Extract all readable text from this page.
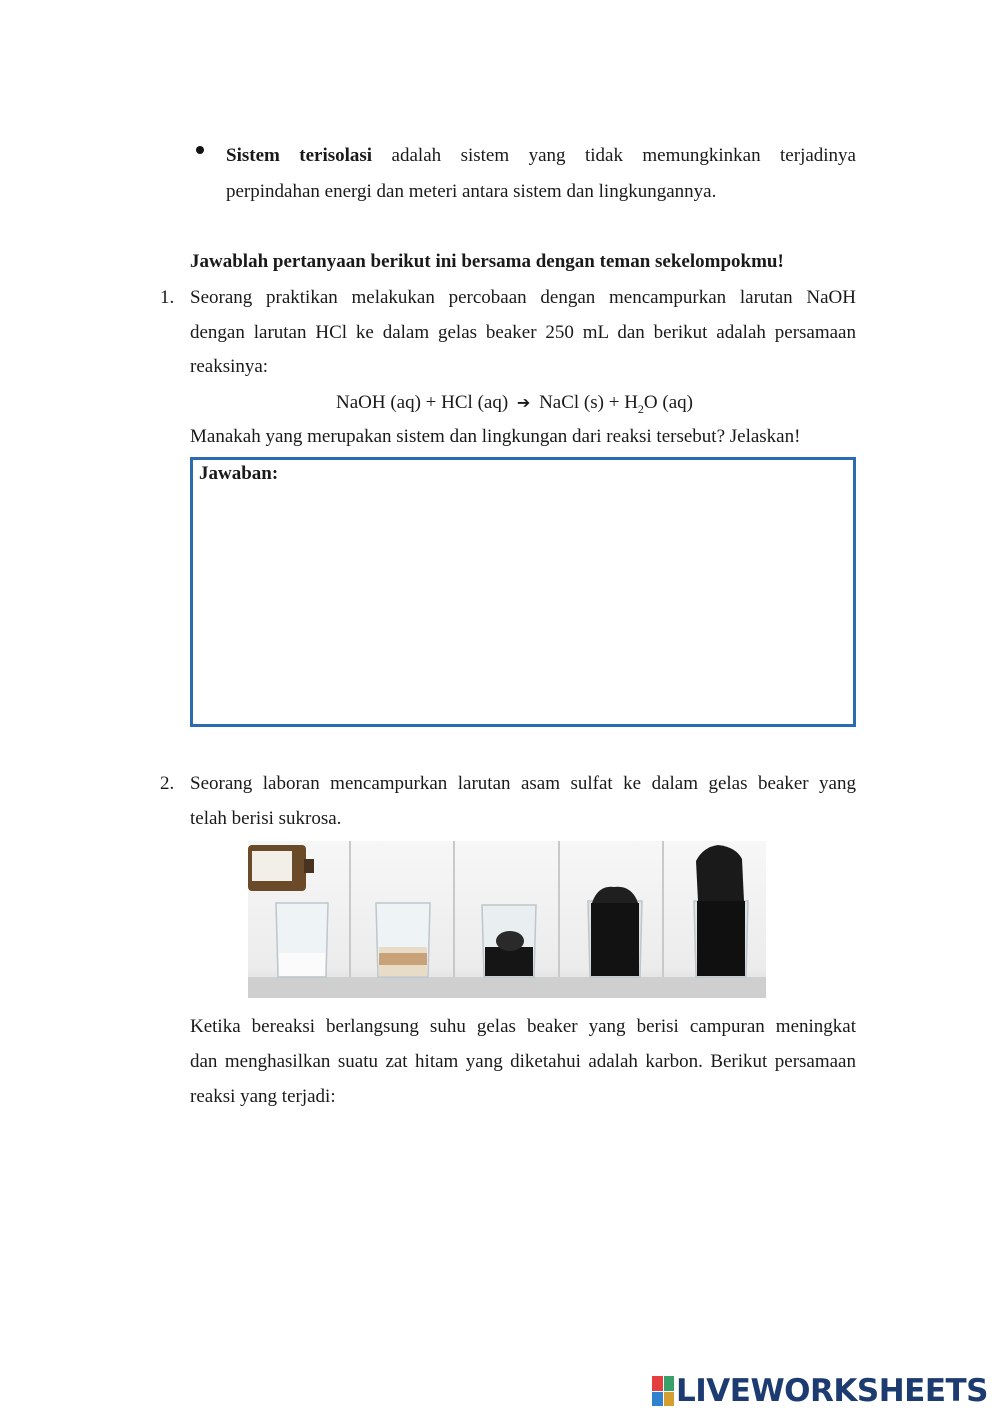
Sistem terisolasi adalah sistem yang tidak memungkinkan terjadinya
perpindahan energi dan meteri antara sistem dan lingkungannya.
Jawablah pertanyaan berikut ini bersama dengan teman sekelompokmu!
1. Seorang praktikan melakukan percobaan dengan mencampurkan larutan NaOH
dengan larutan HCl ke dalam gelas beaker 250 mL dan berikut adalah persamaan
reaksinya:
NaOH (aq) + HCl (aq) ➔ NaCl $(s) + H_2O$ (aq)
Manakah yang merupakan sistem dan lingkungan dari reaksi tersebut? Jelaskan!
Jawaban:
2. Seorang laboran mencampurkan larutan asam sulfat ke dalam gelas beaker yang
telah berisi sukrosa.
Ketika bereaksi berlangsung suhu gelas beaker yang berisi campuran meningkat
dan menghasilkan suatu zat hitam yang diketahui adalah karbon. Berikut persamaan
reaksi yang terjadi:
LIVEWORKSHEETS
